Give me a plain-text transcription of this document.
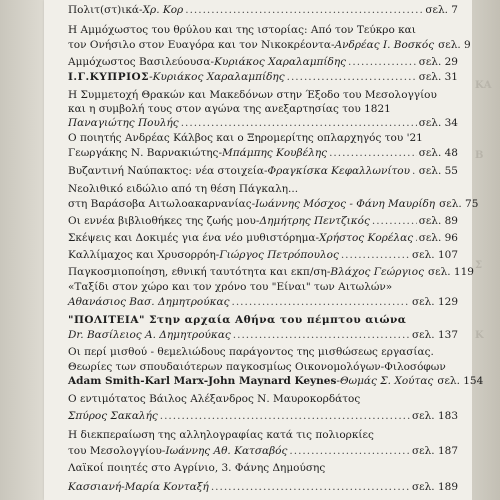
ΚΑ
Β
Σ
Κ
Πολιτ(στ)ικά - Χρ. Κορ .....	σελ. 7
Η Αμμόχωστος του θρύλου και της ιστορίας: Από τον Τεύκρο και
τον Ονήσιλο στον Ευαγόρα και τον Νικοκρέοντα - Ανδρέας Ι. Βοσκός σελ. 9
Αμμόχωστος Βασιλεύουσα - Κυριάκος Χαραλαμπίδης .....	σελ. 29
Ι.Γ.ΚΥΠΡΙΟΣ - Κυριάκος Χαραλαμπίδης .....	σελ. 31
Η Συμμετοχή Θρακών και Μακεδόνων στην Έξοδο του Μεσολογγίου
και η συμβολή τους στον αγώνα της ανεξαρτησίας του 1821
Παναγιώτης Πουλής .....	σελ. 34
Ο ποιητής Ανδρέας Κάλβος και ο Ξηρομερίτης οπλαρχηγός του '21
Γεωργάκης Ν. Βαρνακιώτης - Μπάμπης Κουβέλης .....	σελ. 48
Βυζαντινή Ναύπακτος: νέα στοιχεία - Φραγκίσκα Κεφαλλωνίτου ..... σελ. 55
Νεολιθικό ειδώλιο από τη θέση Πάγκαλη...
στη Βαράσοβα Αιτωλοακαρνανίας - Ιωάννης Μόσχος - Φάνη Μαυρίδη σελ. 75
Οι εννέα βιβλιοθήκες της ζωής μου - Δημήτρης Πεντζικός .....	σελ. 89
Σκέψεις και Δοκιμές για ένα νέο μυθιστόρημα - Χρήστος Κορέλας ..... σελ. 96
Καλλίμαχος και Χρυσορρόη - Γιώργος Πετρόπουλος .....	σελ. 107
Παγκοσμιοποίηση, εθνική ταυτότητα και εκπ/ση - Βλάχος Γεώργιος σελ. 119
«Ταξίδι στον χώρο και τον χρόνο του "Είναι" των Αιτωλών»
Αθανάσιος Βασ. Δημητρούκας .....	σελ. 129
"ΠΟΛΙΤΕΙΑ" Στην αρχαία Αθήνα του πέμπτου αιώνα
Dr. Βασίλειος Α. Δημητρούκας .....	σελ. 137
Οι περί μισθού - θεμελιώδους παράγοντος της μισθώσεως εργασίας.
Θεωρίες των σπουδαιότερων παγκοσμίως Οικονομολόγων-Φιλοσόφων
Adam Smith-Karl Marx-John Maynard Keynes - Θωμάς Σ. Χούτας σελ. 154
Ο εντιμότατος Βάιλος Αλέξανδρος Ν. Μαυροκορδάτος
Σπύρος Σακαλής .....	σελ. 183
Η διεκπεραίωση της αλληλογραφίας κατά τις πολιορκίες
του Μεσολογγίου - Ιωάννης Αθ. Κατσαβός .....	σελ. 187
Λαϊκοί ποιητές στο Αγρίνιο, 3. Φάνης Δημούσης
Κασσιανή - Μαρία Κονταξή .....	σελ. 189
